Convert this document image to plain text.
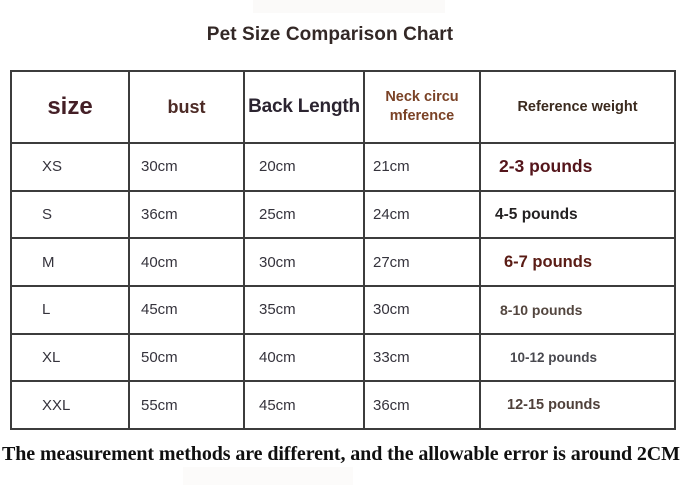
Pet Size Comparison Chart
size	bust	Back Length	Neck circu mference	Reference weight
XS	30cm	20cm	21cm	2-3 pounds
S	36cm	25cm	24cm	4-5 pounds
M	40cm	30cm	27cm	6-7 pounds
L	45cm	35cm	30cm	8-10 pounds
XL	50cm	40cm	33cm	10-12 pounds
XXL	55cm	45cm	36cm	12-15 pounds

The measurement methods are different, and the allowable error is around 2CM
